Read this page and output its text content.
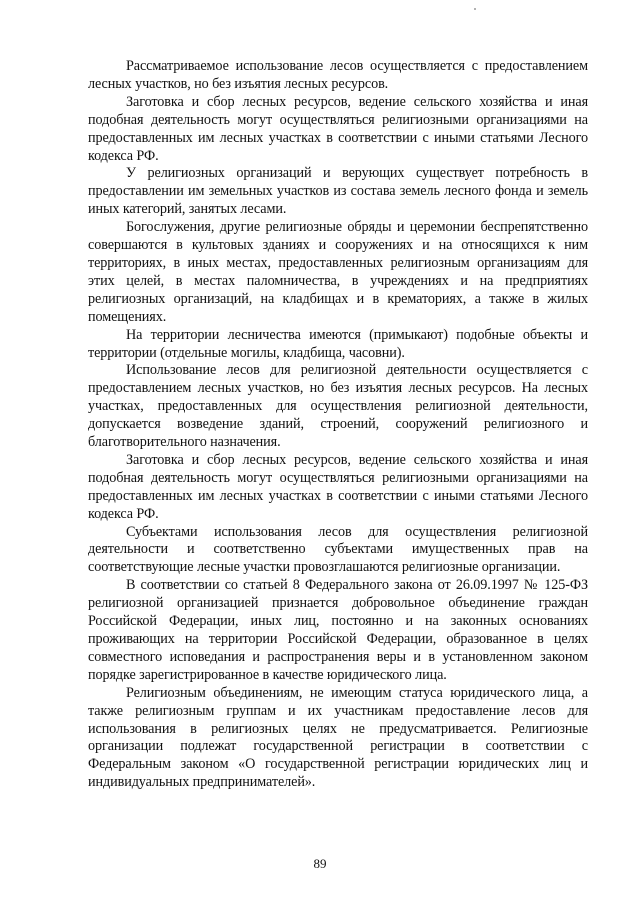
Рассматриваемое использование лесов осуществляется с предоставлением лесных участков, но без изъятия лесных ресурсов.

Заготовка и сбор лесных ресурсов, ведение сельского хозяйства и иная подобная деятельность могут осуществляться религиозными организациями на предоставленных им лесных участках в соответствии с иными статьями Лесного кодекса РФ.

У религиозных организаций и верующих существует потребность в предоставлении им земельных участков из состава земель лесного фонда и земель иных категорий, занятых лесами.

Богослужения, другие религиозные обряды и церемонии беспрепятственно совершаются в культовых зданиях и сооружениях и на относящихся к ним территориях, в иных местах, предоставленных религиозным организациям для этих целей, в местах паломничества, в учреждениях и на предприятиях религиозных организаций, на кладбищах и в крематориях, а также в жилых помещениях.

На территории лесничества имеются (примыкают) подобные объекты и территории (отдельные могилы, кладбища, часовни).

Использование лесов для религиозной деятельности осуществляется с предоставлением лесных участков, но без изъятия лесных ресурсов. На лесных участках, предоставленных для осуществления религиозной деятельности, допускается возведение зданий, строений, сооружений религиозного и благотворительного назначения.

Заготовка и сбор лесных ресурсов, ведение сельского хозяйства и иная подобная деятельность могут осуществляться религиозными организациями на предоставленных им лесных участках в соответствии с иными статьями Лесного кодекса РФ.

Субъектами использования лесов для осуществления религиозной деятельности и соответственно субъектами имущественных прав на соответствующие лесные участки провозглашаются религиозные организации.

В соответствии со статьей 8 Федерального закона от 26.09.1997 № 125-ФЗ религиозной организацией признается добровольное объединение граждан Российской Федерации, иных лиц, постоянно и на законных основаниях проживающих на территории Российской Федерации, образованное в целях совместного исповедания и распространения веры и в установленном законом порядке зарегистрированное в качестве юридического лица.

Религиозным объединениям, не имеющим статуса юридического лица, а также религиозным группам и их участникам предоставление лесов для использования в религиозных целях не предусматривается. Религиозные организации подлежат государственной регистрации в соответствии с Федеральным законом «О государственной регистрации юридических лиц и индивидуальных предпринимателей».

89
